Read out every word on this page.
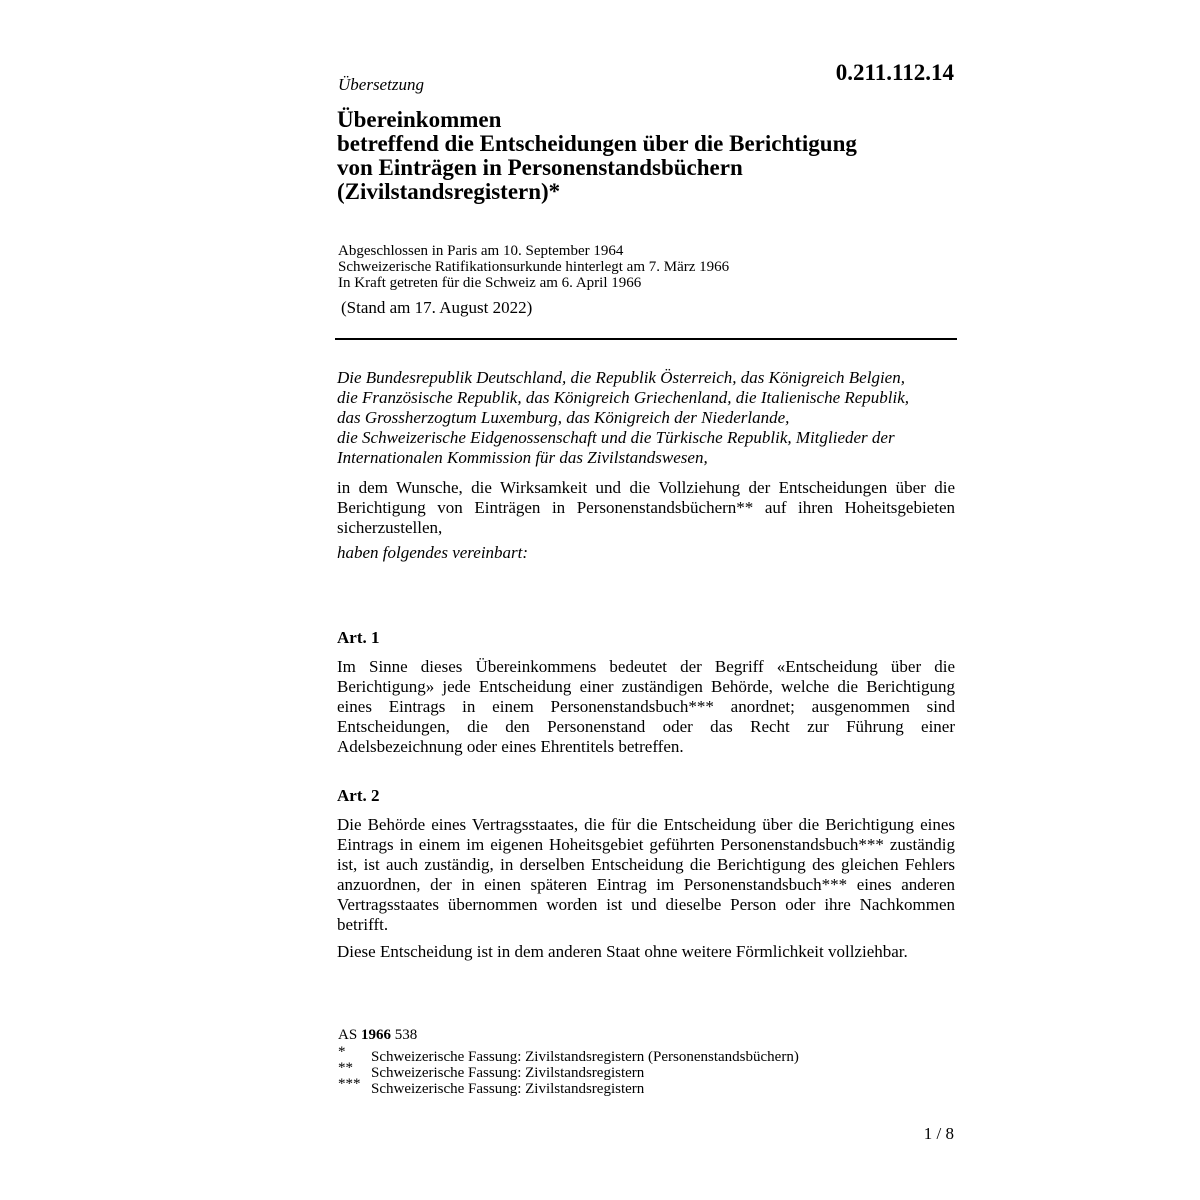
0.211.112.14
Übersetzung
Übereinkommen
betreffend die Entscheidungen über die Berichtigung
von Einträgen in Personenstandsbüchern
(Zivilstandsregistern)*
Abgeschlossen in Paris am 10. September 1964
Schweizerische Ratifikationsurkunde hinterlegt am 7. März 1966
In Kraft getreten für die Schweiz am 6. April 1966
(Stand am 17. August 2022)
Die Bundesrepublik Deutschland, die Republik Österreich, das Königreich Belgien,
die Französische Republik, das Königreich Griechenland, die Italienische Republik,
das Grossherzogtum Luxemburg, das Königreich der Niederlande,
die Schweizerische Eidgenossenschaft und die Türkische Republik, Mitglieder der
Internationalen Kommission für das Zivilstandswesen,

in dem Wunsche, die Wirksamkeit und die Vollziehung der Entscheidungen über die Berichtigung von Einträgen in Personenstandsbüchern** auf ihren Hoheitsgebieten sicherzustellen,

haben folgendes vereinbart:

Art. 1

Im Sinne dieses Übereinkommens bedeutet der Begriff «Entscheidung über die Berichtigung» jede Entscheidung einer zuständigen Behörde, welche die Berichtigung eines Eintrags in einem Personenstandsbuch*** anordnet; ausgenommen sind Entscheidungen, die den Personenstand oder das Recht zur Führung einer Adelsbezeichnung oder eines Ehrentitels betreffen.

Art. 2

Die Behörde eines Vertragsstaates, die für die Entscheidung über die Berichtigung eines Eintrags in einem im eigenen Hoheitsgebiet geführten Personenstandsbuch*** zuständig ist, ist auch zuständig, in derselben Entscheidung die Berichtigung des gleichen Fehlers anzuordnen, der in einen späteren Eintrag im Personenstandsbuch*** eines anderen Vertragsstaates übernommen worden ist und dieselbe Person oder ihre Nachkommen betrifft.

Diese Entscheidung ist in dem anderen Staat ohne weitere Förmlichkeit vollziehbar.

AS 1966 538
* Schweizerische Fassung: Zivilstandsregistern (Personenstandsbüchern)
** Schweizerische Fassung: Zivilstandsregistern
*** Schweizerische Fassung: Zivilstandsregistern
1 / 8
